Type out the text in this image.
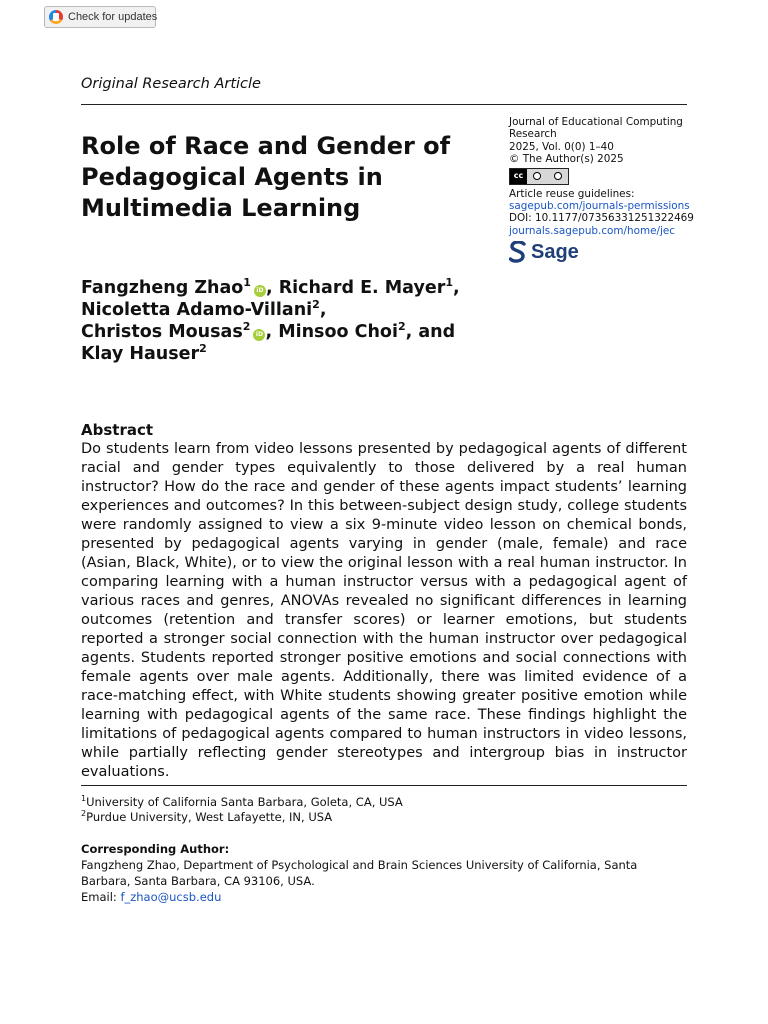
Check for updates
Original Research Article
Role of Race and Gender of Pedagogical Agents in Multimedia Learning
Journal of Educational Computing Research
2025, Vol. 0(0) 1–40
© The Author(s) 2025
cc
Article reuse guidelines:
sagepub.com/journals-permissions
DOI: 10.1177/07356331251322469
journals.sagepub.com/home/jec
Sage
Fangzheng Zhao$^1$iD , Richard E. Mayer$^1$,
Nicoletta Adamo-Villani$^2$,
Christos Mousas$^2$iD , Minsoo Choi$^2$, and
Klay Hauser$^2$
Abstract

Do students learn from video lessons presented by pedagogical agents of different racial and gender types equivalently to those delivered by a real human instructor? How do the race and gender of these agents impact students’ learning experiences and outcomes? In this between-subject design study, college students were randomly assigned to view a six 9-minute video lesson on chemical bonds, presented by pedagogical agents varying in gender (male, female) and race (Asian, Black, White), or to view the original lesson with a real human instructor. In comparing learning with a human instructor versus with a pedagogical agent of various races and genres, ANOVAs revealed no significant differences in learning outcomes (retention and transfer scores) or learner emotions, but students reported a stronger social connection with the human instructor over pedagogical agents. Students reported stronger positive emotions and social connections with female agents over male agents. Additionally, there was limited evidence of a race-matching effect, with White students showing greater positive emotion while learning with pedagogical agents of the same race. These findings highlight the limitations of pedagogical agents compared to human instructors in video lessons, while partially reflecting gender stereotypes and intergroup bias in instructor evaluations.

$^1$University of California Santa Barbara, Goleta, CA, USA
$^2$Purdue University, West Lafayette, IN, USA
Corresponding Author:
Fangzheng Zhao, Department of Psychological and Brain Sciences University of California, Santa Barbara, Santa Barbara, CA 93106, USA.
Email: f_zhao@ucsb.edu
